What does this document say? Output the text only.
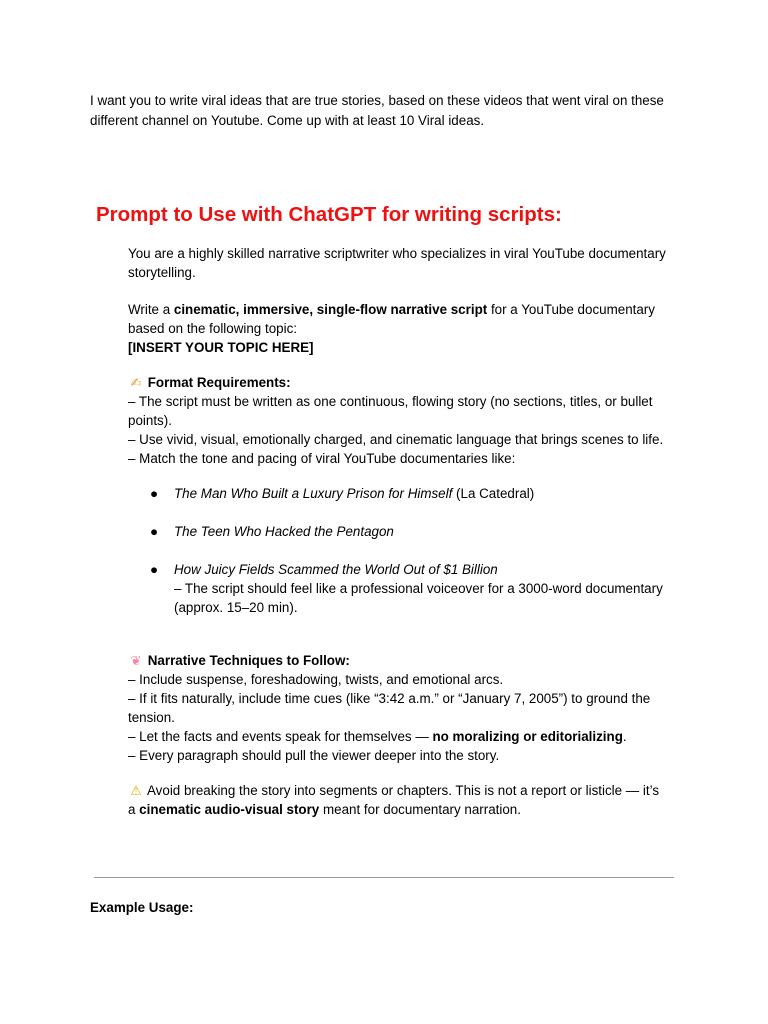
I want you to write viral ideas that are true stories, based on these videos that went viral on these different channel on Youtube. Come up with at least 10 Viral ideas.

Prompt to Use with ChatGPT for writing scripts:

You are a highly skilled narrative scriptwriter who specializes in viral YouTube documentary storytelling.

Write a cinematic, immersive, single-flow narrative script for a YouTube documentary based on the following topic:

[INSERT YOUR TOPIC HERE]

✍ Format Requirements:

– The script must be written as one continuous, flowing story (no sections, titles, or bullet points).

– Use vivid, visual, emotionally charged, and cinematic language that brings scenes to life.

– Match the tone and pacing of viral YouTube documentaries like:

● The Man Who Built a Luxury Prison for Himself (La Catedral)
● The Teen Who Hacked the Pentagon
● How Juicy Fields Scammed the World Out of $1 Billion
– The script should feel like a professional voiceover for a 3000-word documentary (approx. 15–20 min).

❦ Narrative Techniques to Follow:

– Include suspense, foreshadowing, twists, and emotional arcs.

– If it fits naturally, include time cues (like “3:42 a.m.” or “January 7, 2005”) to ground the tension.

– Let the facts and events speak for themselves — no moralizing or editorializing.

– Every paragraph should pull the viewer deeper into the story.

⚠ Avoid breaking the story into segments or chapters. This is not a report or listicle — it’s a cinematic audio-visual story meant for documentary narration.

Example Usage:
